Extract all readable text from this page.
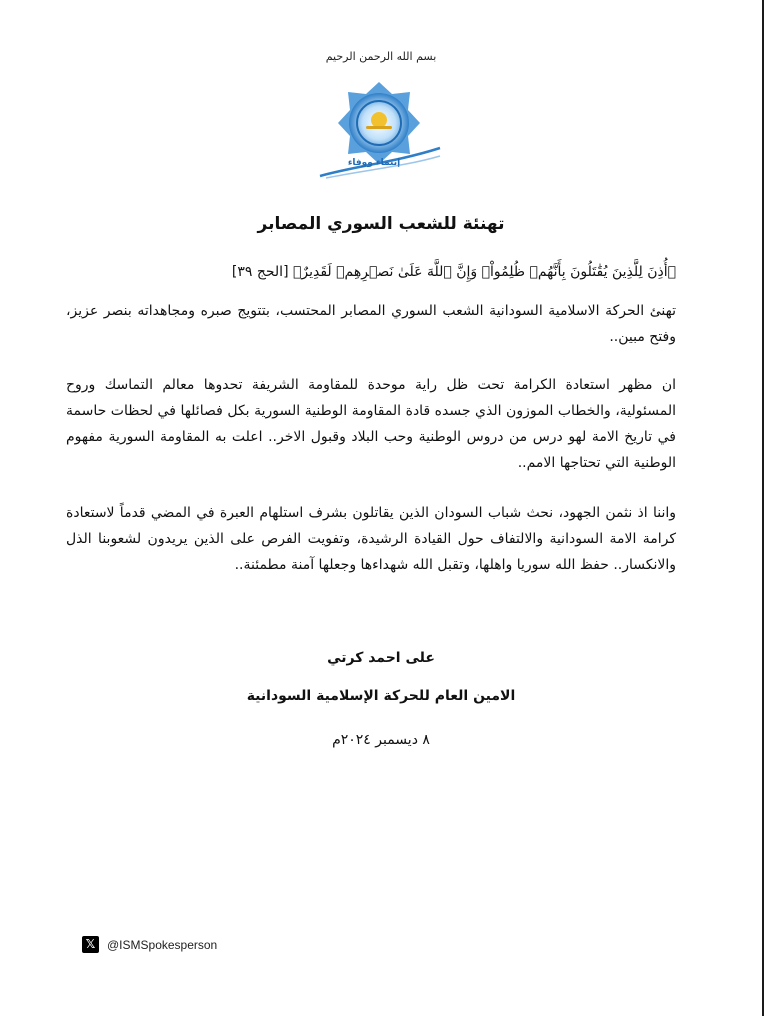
بسم الله الرحمن الرحيم
إنتماء ووفاء
تهنئة للشعب السوري المصابر
﴿أُذِنَ لِلَّذِينَ يُقَٰتَلُونَ بِأَنَّهُمۡ ظُلِمُواْۚ وَإِنَّ ٱللَّهَ عَلَىٰ نَصۡرِهِمۡ لَقَدِيرٌ﴾ [الحج ٣٩]
تهنئ الحركة الاسلامية السودانية الشعب السوري المصابر المحتسب، بتتويج صبره ومجاهداته بنصر عزيز، وفتح مبين..
ان مظهر استعادة الكرامة تحت ظل راية موحدة للمقاومة الشريفة تحدوها معالم التماسك وروح المسئولية، والخطاب الموزون الذي جسده قادة المقاومة الوطنية السورية بكل فصائلها في لحظات حاسمة في تاريخ الامة لهو درس من دروس الوطنية وحب البلاد وقبول الاخر.. اعلت به المقاومة السورية مفهوم الوطنية التي تحتاجها الامم..
واننا اذ نثمن الجهود، نحث شباب السودان الذين يقاتلون بشرف استلهام العبرة في المضي قدماً لاستعادة كرامة الامة السودانية والالتفاف حول القيادة الرشيدة، وتفويت الفرص على الذين يريدون لشعوبنا الذل والانكسار.. حفظ الله سوريا واهلها، وتقبل الله شهداءها وجعلها آمنة مطمئنة..
على احمد كرتي
الامين العام للحركة الإسلامية السودانية
٨ ديسمبر ٢٠٢٤م
𝕏 @ISMSpokesperson
